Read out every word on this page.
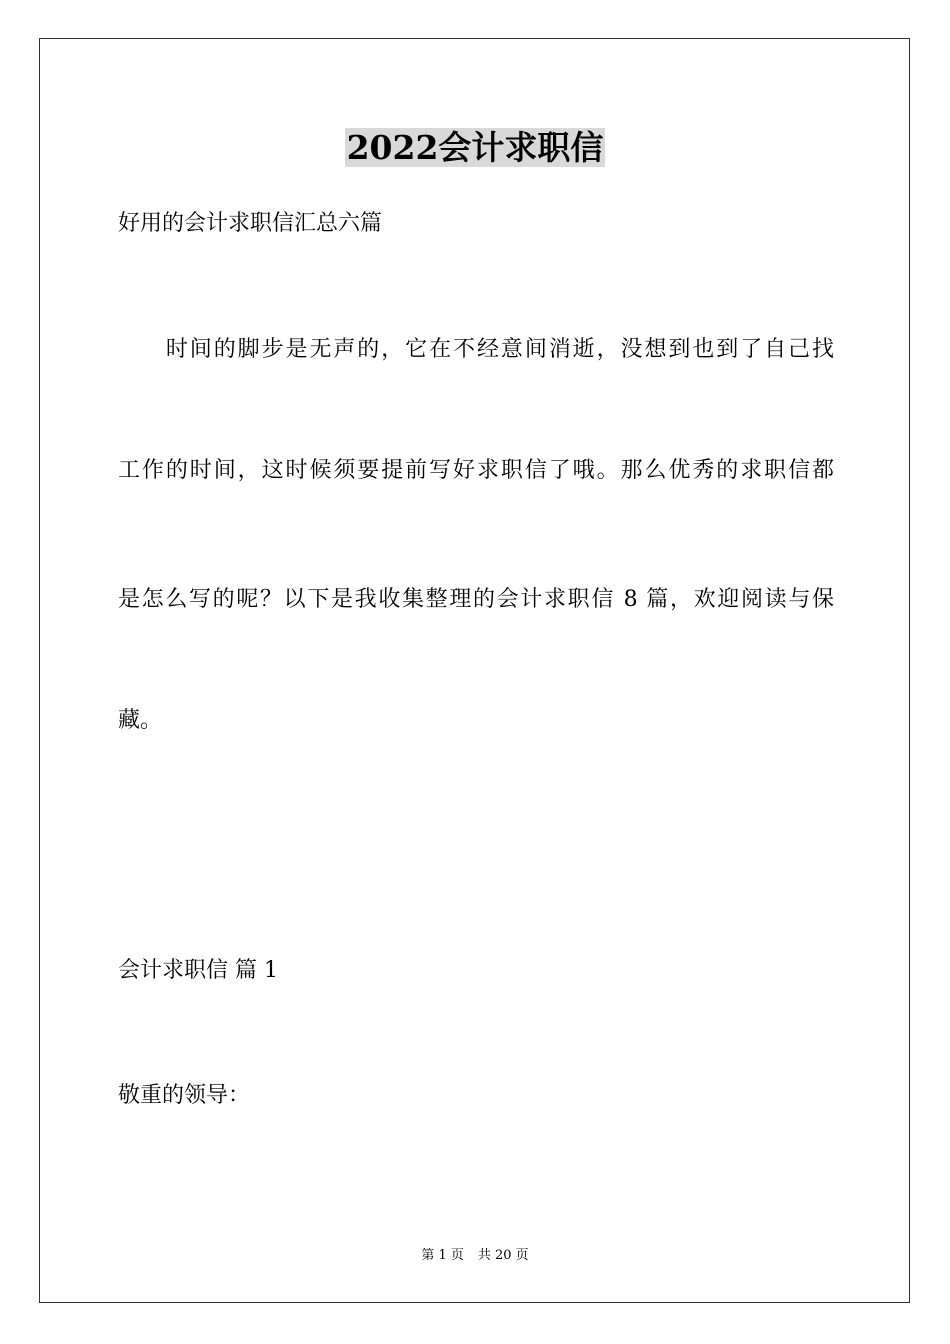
2022会计求职信
好用的会计求职信汇总六篇
　　时间的脚步是无声的，它在不经意间消逝，没想到也到了自己找
工作的时间，这时候须要提前写好求职信了哦。那么优秀的求职信都
是怎么写的呢？以下是我收集整理的会计求职信 8 篇，欢迎阅读与保
藏。
会计求职信 篇 1
敬重的领导：
第 1 页 共 20 页
